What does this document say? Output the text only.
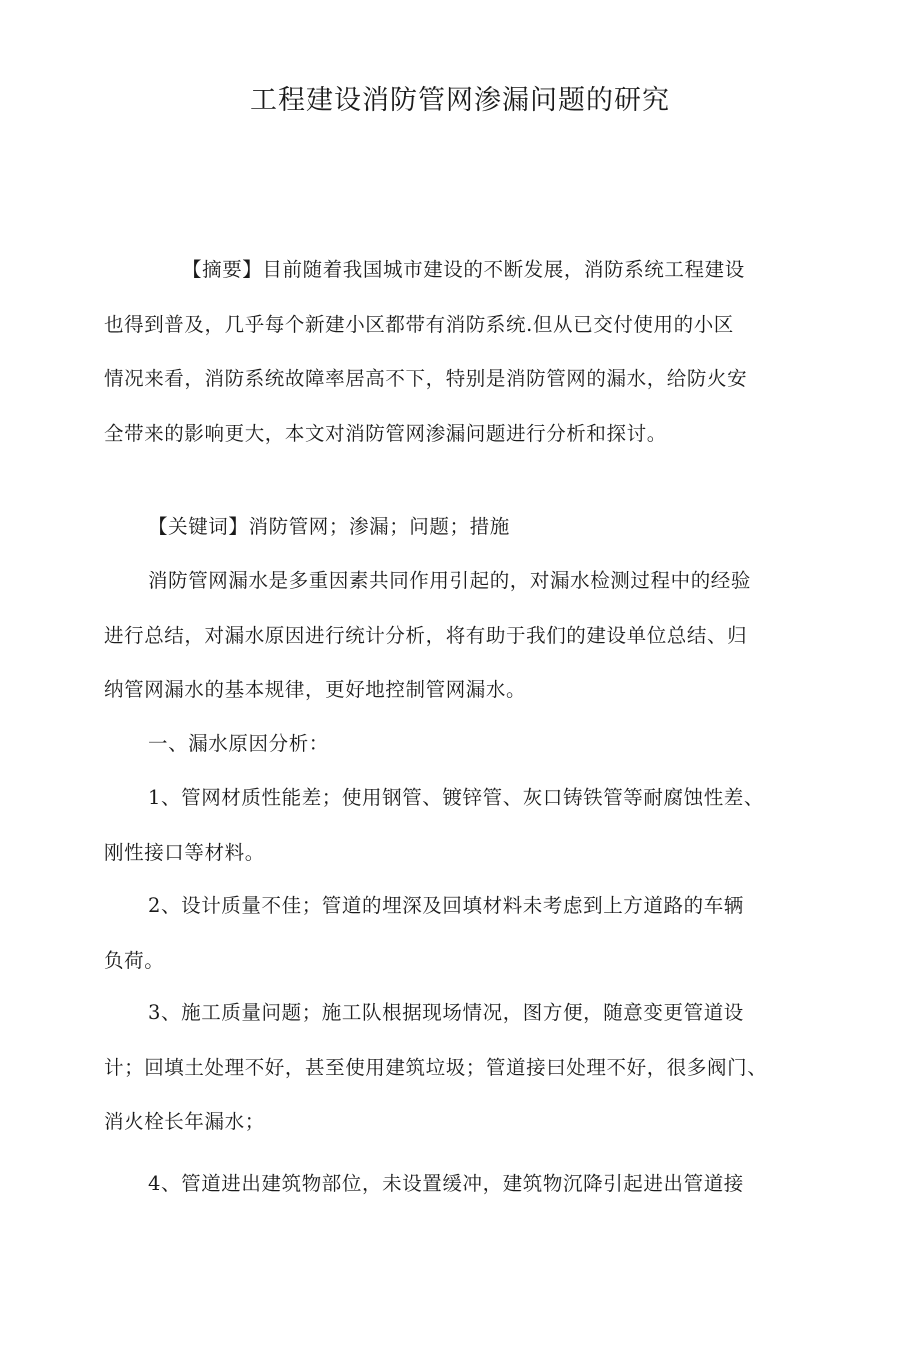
工程建设消防管网渗漏问题的研究
【摘要】目前随着我国城市建设的不断发展，消防系统工程建设
也得到普及，几乎每个新建小区都带有消防系统.但从已交付使用的小区
情况来看，消防系统故障率居高不下，特别是消防管网的漏水，给防火安
全带来的影响更大，本文对消防管网渗漏问题进行分析和探讨。
【关键词】消防管网；渗漏；问题；措施
消防管网漏水是多重因素共同作用引起的，对漏水检测过程中的经验
进行总结，对漏水原因进行统计分析，将有助于我们的建设单位总结、归
纳管网漏水的基本规律，更好地控制管网漏水。
一、漏水原因分析：
1、管网材质性能差；使用钢管、镀锌管、灰口铸铁管等耐腐蚀性差、
刚性接口等材料。
2、设计质量不佳；管道的埋深及回填材料未考虑到上方道路的车辆
负荷。
3、施工质量问题；施工队根据现场情况，图方便，随意变更管道设
计；回填土处理不好，甚至使用建筑垃圾；管道接曰处理不好，很多阀门、
消火栓长年漏水；
4、管道进出建筑物部位，未设置缓冲，建筑物沉降引起进出管道接
